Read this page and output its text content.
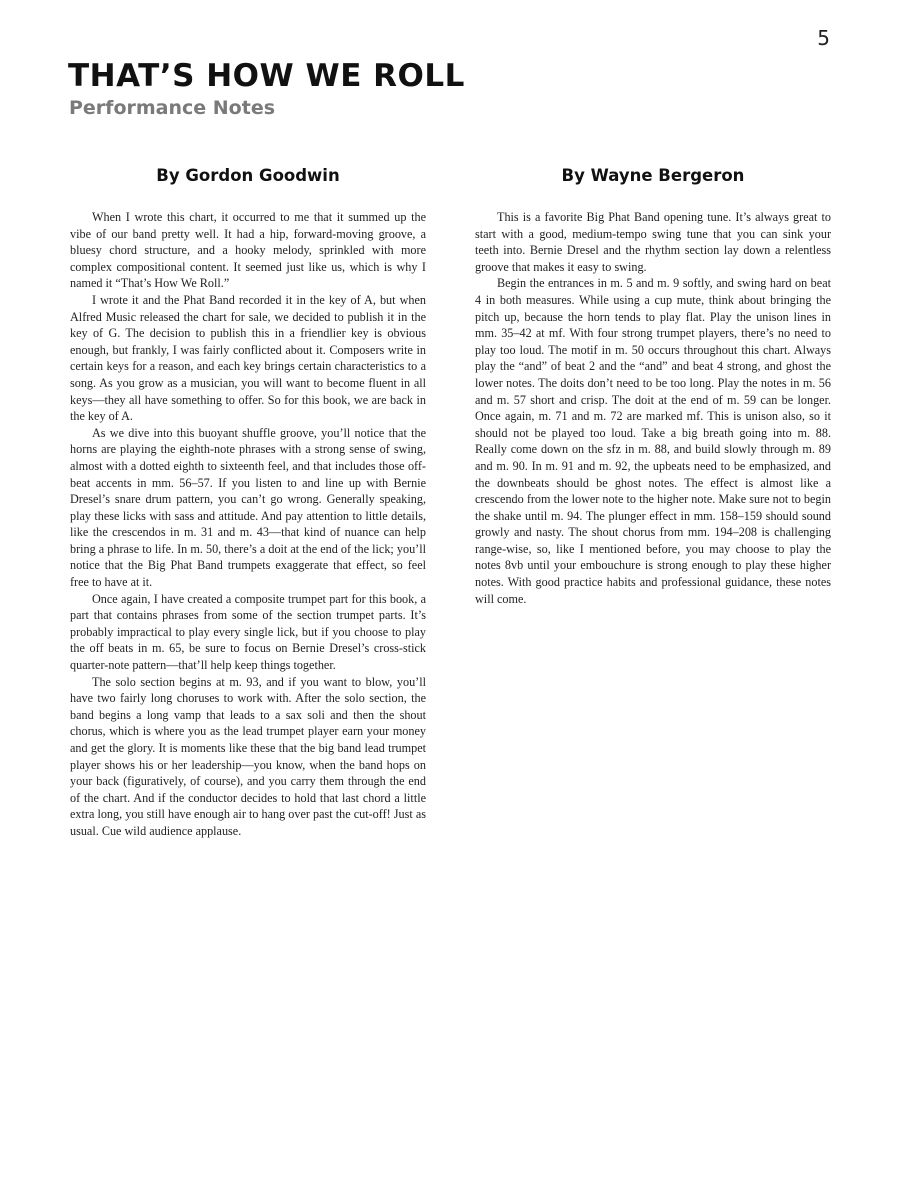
5
THAT’S HOW WE ROLL
Performance Notes
By Gordon Goodwin

When I wrote this chart, it occurred to me that it summed up the vibe of our band pretty well. It had a hip, forward-moving groove, a bluesy chord structure, and a hooky melody, sprinkled with more complex compositional content. It seemed just like us, which is why I named it “That’s How We Roll.”

I wrote it and the Phat Band recorded it in the key of A, but when Alfred Music released the chart for sale, we decided to publish it in the key of G. The decision to publish this in a friendlier key is obvious enough, but frankly, I was fairly conflicted about it. Composers write in certain keys for a reason, and each key brings certain characteristics to a song. As you grow as a musician, you will want to become fluent in all keys—they all have something to offer. So for this book, we are back in the key of A.

As we dive into this buoyant shuffle groove, you’ll notice that the horns are playing the eighth-note phrases with a strong sense of swing, almost with a dotted eighth to sixteenth feel, and that includes those off-beat accents in mm. 56–57. If you listen to and line up with Bernie Dresel’s snare drum pattern, you can’t go wrong. Generally speaking, play these licks with sass and attitude. And pay attention to little details, like the crescendos in m. 31 and m. 43—that kind of nuance can help bring a phrase to life. In m. 50, there’s a doit at the end of the lick; you’ll notice that the Big Phat Band trumpets exaggerate that effect, so feel free to have at it.

Once again, I have created a composite trumpet part for this book, a part that contains phrases from some of the section trumpet parts. It’s probably impractical to play every single lick, but if you choose to play the off beats in m. 65, be sure to focus on Bernie Dresel’s cross-stick quarter-note pattern—that’ll help keep things together.

The solo section begins at m. 93, and if you want to blow, you’ll have two fairly long choruses to work with. After the solo section, the band begins a long vamp that leads to a sax soli and then the shout chorus, which is where you as the lead trumpet player earn your money and get the glory. It is moments like these that the big band lead trumpet player shows his or her leadership—you know, when the band hops on your back (figuratively, of course), and you carry them through the end of the chart. And if the conductor decides to hold that last chord a little extra long, you still have enough air to hang over past the cut-off! Just as usual. Cue wild audience applause.

By Wayne Bergeron

This is a favorite Big Phat Band opening tune. It’s always great to start with a good, medium-tempo swing tune that you can sink your teeth into. Bernie Dresel and the rhythm section lay down a relentless groove that makes it easy to swing.

Begin the entrances in m. 5 and m. 9 softly, and swing hard on beat 4 in both measures. While using a cup mute, think about bringing the pitch up, because the horn tends to play flat. Play the unison lines in mm. 35–42 at mf. With four strong trumpet players, there’s no need to play too loud. The motif in m. 50 occurs throughout this chart. Always play the “and” of beat 2 and the “and” and beat 4 strong, and ghost the lower notes. The doits don’t need to be too long. Play the notes in m. 56 and m. 57 short and crisp. The doit at the end of m. 59 can be longer. Once again, m. 71 and m. 72 are marked mf. This is unison also, so it should not be played too loud. Take a big breath going into m. 88. Really come down on the sfz in m. 88, and build slowly through m. 89 and m. 90. In m. 91 and m. 92, the upbeats need to be emphasized, and the downbeats should be ghost notes. The effect is almost like a crescendo from the lower note to the higher note. Make sure not to begin the shake until m. 94. The plunger effect in mm. 158–159 should sound growly and nasty. The shout chorus from mm. 194–208 is challenging range-wise, so, like I mentioned before, you may choose to play the notes 8vb until your embouchure is strong enough to play these higher notes. With good practice habits and professional guidance, these notes will come.
